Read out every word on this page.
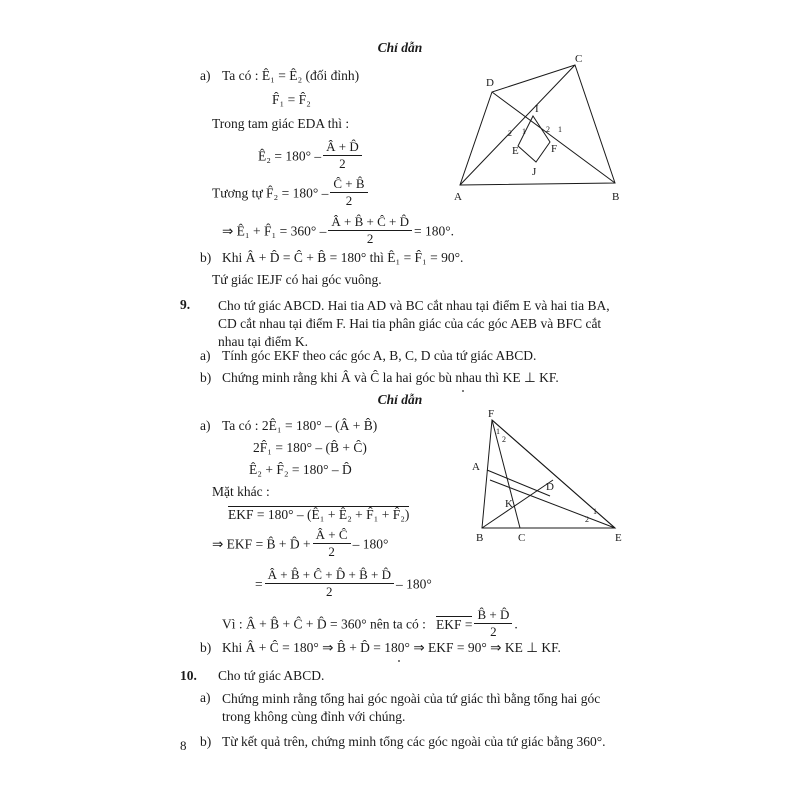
Chỉ dẫn
a) Ta có : Ê₁ = Ê₂ (đối đỉnh)
F̂₁ = F̂₂
Trong tam giác EDA thì :
Ê₂ = $180^\circ - \frac{Â + D̂}{2}$
Tương tự F̂₂ = $180^\circ - \frac{Ĉ + B̂}{2}$
⇒ Ê₁ + F̂₁ = $360^\circ - \frac{Â + B̂ + Ĉ + D̂}{2} = 180^\circ$.
b) Khi Â + D̂ = Ĉ + B̂ = 180° thì Ê₁ = F̂₁ = 90°.
Tứ giác IEJF có hai góc vuông.
D
C
I
E	F
J
A	B
2 1	2 1
9. Cho tứ giác ABCD. Hai tia AD và BC cắt nhau tại điểm E và hai tia BA, CD cắt nhau tại điểm F. Hai tia phân giác của các góc AEB và BFC cắt nhau tại điểm K.
a) Tính góc EKF theo các góc A, B, C, D của tứ giác ABCD.
b) Chứng minh rằng khi Â và Ĉ la hai góc bù nhau thì KE ⊥ KF.
Chỉ dẫn
a) Ta có : 2Ê₁ = 180° – (Â + B̂)
2F̂₁ = 180° – (B̂ + Ĉ)
Ê₂ + F̂₂ = 180° – D̂
Mặt khác :
EKF = 180° – (Ê₁ + Ê₂ + F̂₁ + F̂₂)
⇒ EKF = B̂ + D̂ + $\frac{Â + Ĉ}{2} - 180^\circ$
= $\frac{Â + B̂ + Ĉ + D̂ + B̂ + D̂}{2} - 180^\circ$
Vì : Â + B̂ + Ĉ + D̂ = 360° nên ta có : EKF = $\frac{B̂ + D̂}{2}$ .
b) Khi Â + Ĉ = 180° ⇒ B̂ + D̂ = 180° ⇒ EKF = 90° ⇒ KE ⊥ KF.
F
A
D
K
B	C	E
1
2
1
2
10. Cho tứ giác ABCD.
a) Chứng minh rằng tổng hai góc ngoài của tứ giác thì bằng tổng hai góc trong không cùng đỉnh với chúng.
b) Từ kết quả trên, chứng minh tổng các góc ngoài của tứ giác bằng 360°.
8
